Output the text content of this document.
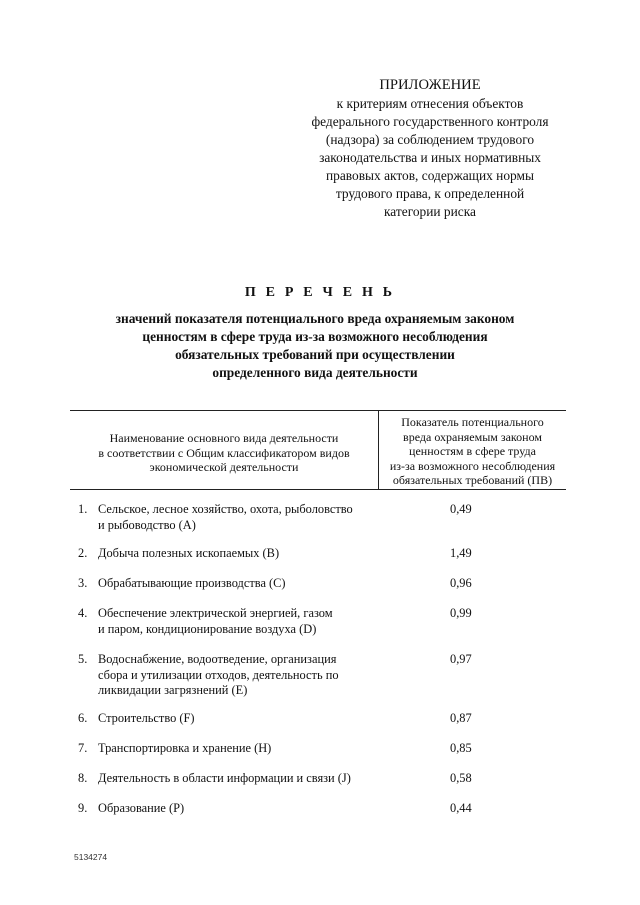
ПРИЛОЖЕНИЕ
к критериям отнесения объектов
федерального государственного контроля
(надзора) за соблюдением трудового
законодательства и иных нормативных
правовых актов, содержащих нормы
трудового права, к определенной
категории риска
П Е Р Е Ч Е Н Ь
значений показателя потенциального вреда охраняемым законом
ценностям в сфере труда из-за возможного несоблюдения
обязательных требований при осуществлении
определенного вида деятельности
Наименование основного вида деятельности
в соответствии с Общим классификатором видов
экономической деятельности
Показатель потенциального
вреда охраняемым законом
ценностям в сфере труда
из-за возможного несоблюдения
обязательных требований (ПВ)
1. Сельское, лесное хозяйство, охота, рыболовство
и рыбоводство (A)
0,49
2. Добыча полезных ископаемых (B)	1,49
3. Обрабатывающие производства (C)	0,96
4. Обеспечение электрической энергией, газом
и паром, кондиционирование воздуха (D)
0,99
5. Водоснабжение, водоотведение, организация
сбора и утилизации отходов, деятельность по
ликвидации загрязнений (E)
0,97
6. Строительство (F)	0,87
7. Транспортировка и хранение (H)	0,85
8. Деятельность в области информации и связи (J)	0,58
9. Образование (P)	0,44
5134274
